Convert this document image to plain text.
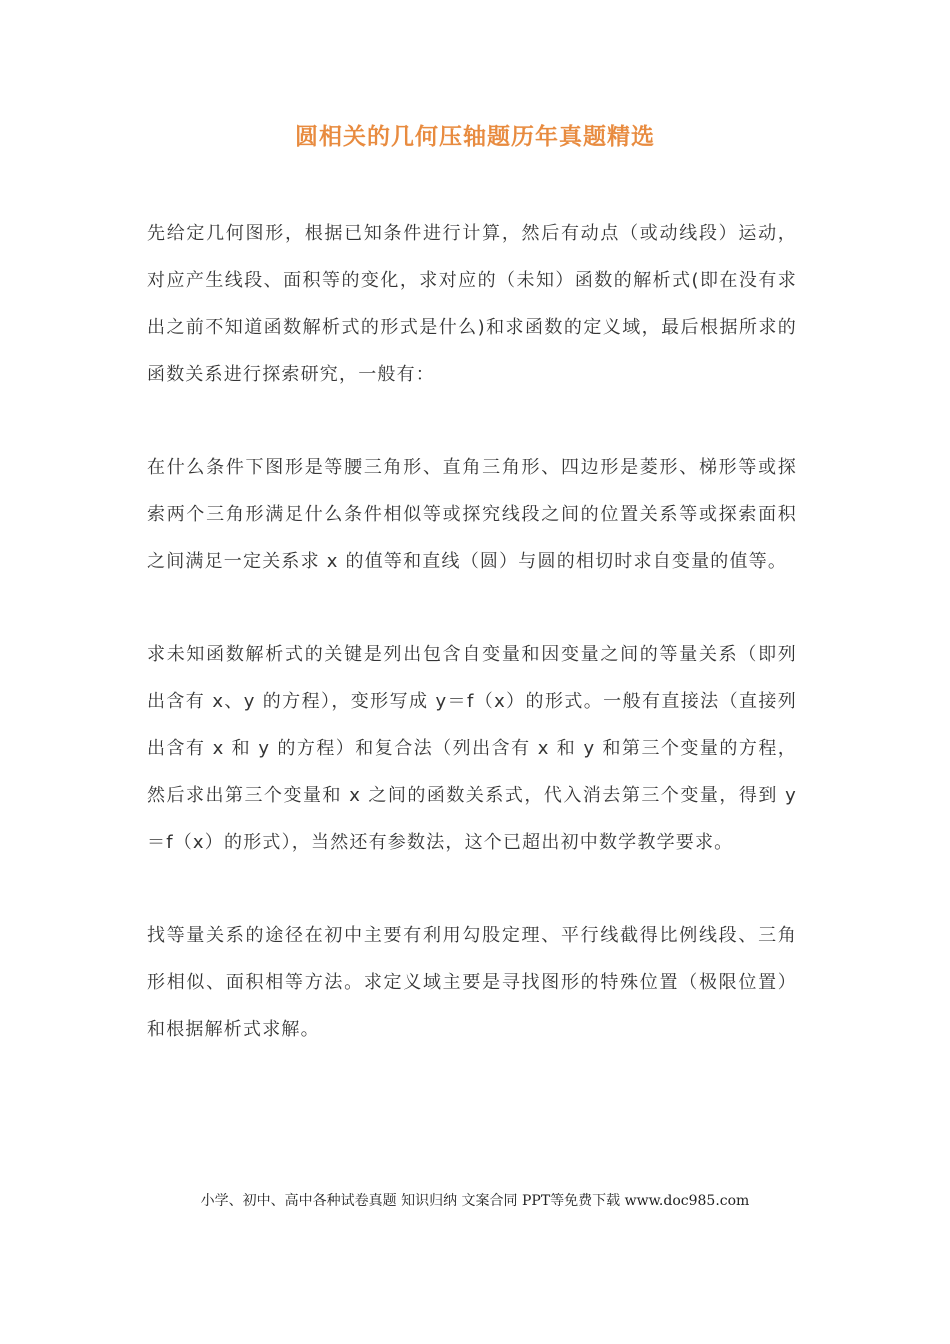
圆相关的几何压轴题历年真题精选

先给定几何图形，根据已知条件进行计算，然后有动点（或动线段）运动，对应产生线段、面积等的变化，求对应的（未知）函数的解析式(即在没有求出之前不知道函数解析式的形式是什么)和求函数的定义域，最后根据所求的函数关系进行探索研究，一般有：

在什么条件下图形是等腰三角形、直角三角形、四边形是菱形、梯形等或探索两个三角形满足什么条件相似等或探究线段之间的位置关系等或探索面积之间满足一定关系求 x 的值等和直线（圆）与圆的相切时求自变量的值等。

求未知函数解析式的关键是列出包含自变量和因变量之间的等量关系（即列出含有 x、y 的方程），变形写成 y＝f（x）的形式。一般有直接法（直接列出含有 x 和 y 的方程）和复合法（列出含有 x 和 y 和第三个变量的方程，然后求出第三个变量和 x 之间的函数关系式，代入消去第三个变量，得到 y＝f（x）的形式），当然还有参数法，这个已超出初中数学教学要求。

找等量关系的途径在初中主要有利用勾股定理、平行线截得比例线段、三角形相似、面积相等方法。求定义域主要是寻找图形的特殊位置（极限位置）和根据解析式求解。

小学、初中、高中各种试卷真题 知识归纳 文案合同 PPT等免费下载 www.doc985.com
